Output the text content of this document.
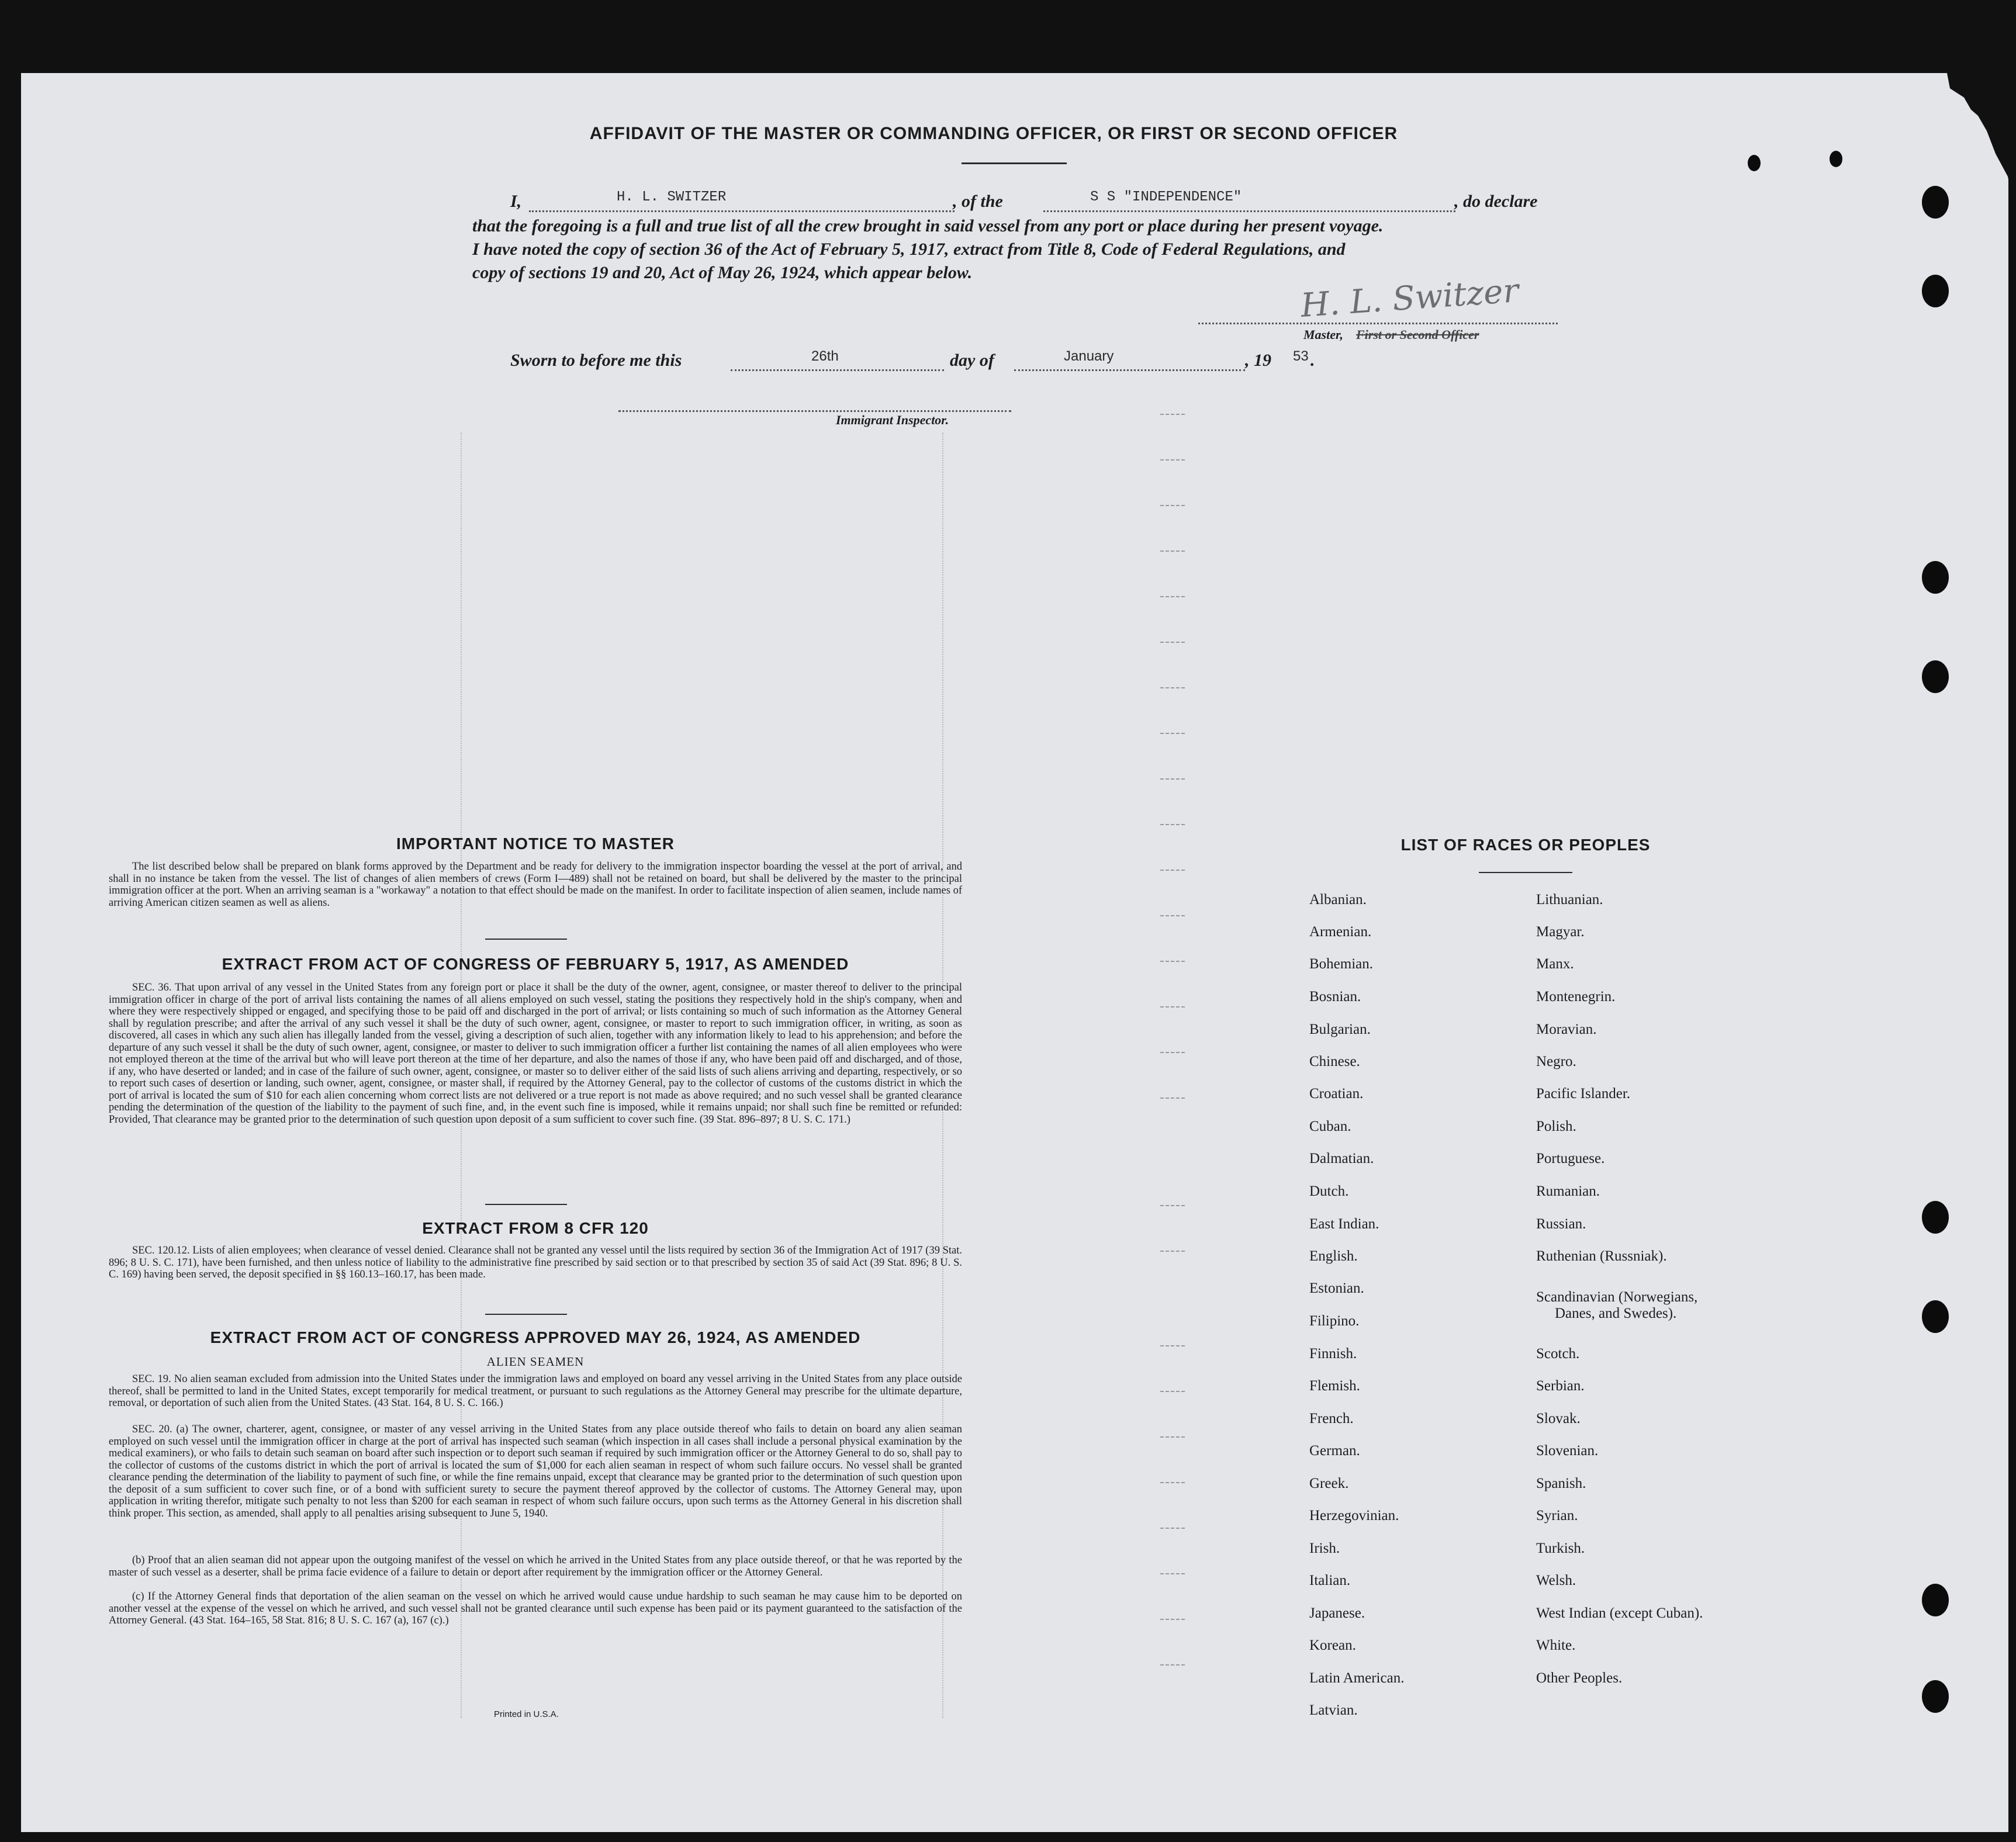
AFFIDAVIT OF THE MASTER OR COMMANDING OFFICER, OR FIRST OR SECOND OFFICER
I,	H. L. SWITZER	, of the	S S "INDEPENDENCE"	, do declare
that the foregoing is a full and true list of all the crew brought in said vessel from any port or place during her present voyage.
I have noted the copy of section 36 of the Act of February 5, 1917, extract from Title 8, Code of Federal Regulations, and
copy of sections 19 and 20, Act of May 26, 1924, which appear below.	H. L. Switzer
Master, First or Second Officer
Sworn to before me this	26th	day of	January	, 19 53 .
Immigrant Inspector.
IMPORTANT NOTICE TO MASTER

The list described below shall be prepared on blank forms approved by the Department and be ready for delivery to the immigration inspector boarding the vessel at the port of arrival, and shall in no instance be taken from the vessel. The list of changes of alien members of crews (Form I—489) shall not be retained on board, but shall be delivered by the master to the principal immigration officer at the port. When an arriving seaman is a "workaway" a notation to that effect should be made on the manifest. In order to facilitate inspection of alien seamen, include names of arriving American citizen seamen as well as aliens.

EXTRACT FROM ACT OF CONGRESS OF FEBRUARY 5, 1917, AS AMENDED

SEC. 36. That upon arrival of any vessel in the United States from any foreign port or place it shall be the duty of the owner, agent, consignee, or master thereof to deliver to the principal immigration officer in charge of the port of arrival lists containing the names of all aliens employed on such vessel, stating the positions they respectively hold in the ship's company, when and where they were respectively shipped or engaged, and specifying those to be paid off and discharged in the port of arrival; or lists containing so much of such information as the Attorney General shall by regulation prescribe; and after the arrival of any such vessel it shall be the duty of such owner, agent, consignee, or master to report to such immigration officer, in writing, as soon as discovered, all cases in which any such alien has illegally landed from the vessel, giving a description of such alien, together with any information likely to lead to his apprehension; and before the departure of any such vessel it shall be the duty of such owner, agent, consignee, or master to deliver to such immigration officer a further list containing the names of all alien employees who were not employed thereon at the time of the arrival but who will leave port thereon at the time of her departure, and also the names of those if any, who have been paid off and discharged, and of those, if any, who have deserted or landed; and in case of the failure of such owner, agent, consignee, or master so to deliver either of the said lists of such aliens arriving and departing, respectively, or so to report such cases of desertion or landing, such owner, agent, consignee, or master shall, if required by the Attorney General, pay to the collector of customs of the customs district in which the port of arrival is located the sum of $10 for each alien concerning whom correct lists are not delivered or a true report is not made as above required; and no such vessel shall be granted clearance pending the determination of the question of the liability to the payment of such fine, and, in the event such fine is imposed, while it remains unpaid; nor shall such fine be remitted or refunded: Provided, That clearance may be granted prior to the determination of such question upon deposit of a sum sufficient to cover such fine. (39 Stat. 896–897; 8 U. S. C. 171.)

EXTRACT FROM 8 CFR 120

SEC. 120.12. Lists of alien employees; when clearance of vessel denied. Clearance shall not be granted any vessel until the lists required by section 36 of the Immigration Act of 1917 (39 Stat. 896; 8 U. S. C. 171), have been furnished, and then unless notice of liability to the administrative fine prescribed by said section or to that prescribed by section 35 of said Act (39 Stat. 896; 8 U. S. C. 169) having been served, the deposit specified in §§ 160.13–160.17, has been made.

EXTRACT FROM ACT OF CONGRESS APPROVED MAY 26, 1924, AS AMENDED
ALIEN SEAMEN

SEC. 19. No alien seaman excluded from admission into the United States under the immigration laws and employed on board any vessel arriving in the United States from any place outside thereof, shall be permitted to land in the United States, except temporarily for medical treatment, or pursuant to such regulations as the Attorney General may prescribe for the ultimate departure, removal, or deportation of such alien from the United States. (43 Stat. 164, 8 U. S. C. 166.)

SEC. 20. (a) The owner, charterer, agent, consignee, or master of any vessel arriving in the United States from any place outside thereof who fails to detain on board any alien seaman employed on such vessel until the immigration officer in charge at the port of arrival has inspected such seaman (which inspection in all cases shall include a personal physical examination by the medical examiners), or who fails to detain such seaman on board after such inspection or to deport such seaman if required by such immigration officer or the Attorney General to do so, shall pay to the collector of customs of the customs district in which the port of arrival is located the sum of $1,000 for each alien seaman in respect of whom such failure occurs. No vessel shall be granted clearance pending the determination of the liability to payment of such fine, or while the fine remains unpaid, except that clearance may be granted prior to the determination of such question upon the deposit of a sum sufficient to cover such fine, or of a bond with sufficient surety to secure the payment thereof approved by the collector of customs. The Attorney General may, upon application in writing therefor, mitigate such penalty to not less than $200 for each seaman in respect of whom such failure occurs, upon such terms as the Attorney General in his discretion shall think proper. This section, as amended, shall apply to all penalties arising subsequent to June 5, 1940.

(b) Proof that an alien seaman did not appear upon the outgoing manifest of the vessel on which he arrived in the United States from any place outside thereof, or that he was reported by the master of such vessel as a deserter, shall be prima facie evidence of a failure to detain or deport after requirement by the immigration officer or the Attorney General.

(c) If the Attorney General finds that deportation of the alien seaman on the vessel on which he arrived would cause undue hardship to such seaman he may cause him to be deported on another vessel at the expense of the vessel on which he arrived, and such vessel shall not be granted clearance until such expense has been paid or its payment guaranteed to the satisfaction of the Attorney General. (43 Stat. 164–165, 58 Stat. 816; 8 U. S. C. 167 (a), 167 (c).)

Printed in U.S.A.
LIST OF RACES OR PEOPLES
Albanian.
Armenian.
Bohemian.
Bosnian.
Bulgarian.
Chinese.
Croatian.
Cuban.
Dalmatian.
Dutch.
East Indian.
English.
Estonian.
Filipino.
Finnish.
Flemish.
French.
German.
Greek.
Herzegovinian.
Irish.
Italian.
Japanese.
Korean.
Latin American.
Latvian.
Lithuanian.
Magyar.
Manx.
Montenegrin.
Moravian.
Negro.
Pacific Islander.
Polish.
Portuguese.
Rumanian.
Russian.
Ruthenian (Russniak).
Scandinavian (Norwegians,
Danes, and Swedes).
Scotch.
Serbian.
Slovak.
Slovenian.
Spanish.
Syrian.
Turkish.
Welsh.
West Indian (except Cuban).
White.
Other Peoples.
